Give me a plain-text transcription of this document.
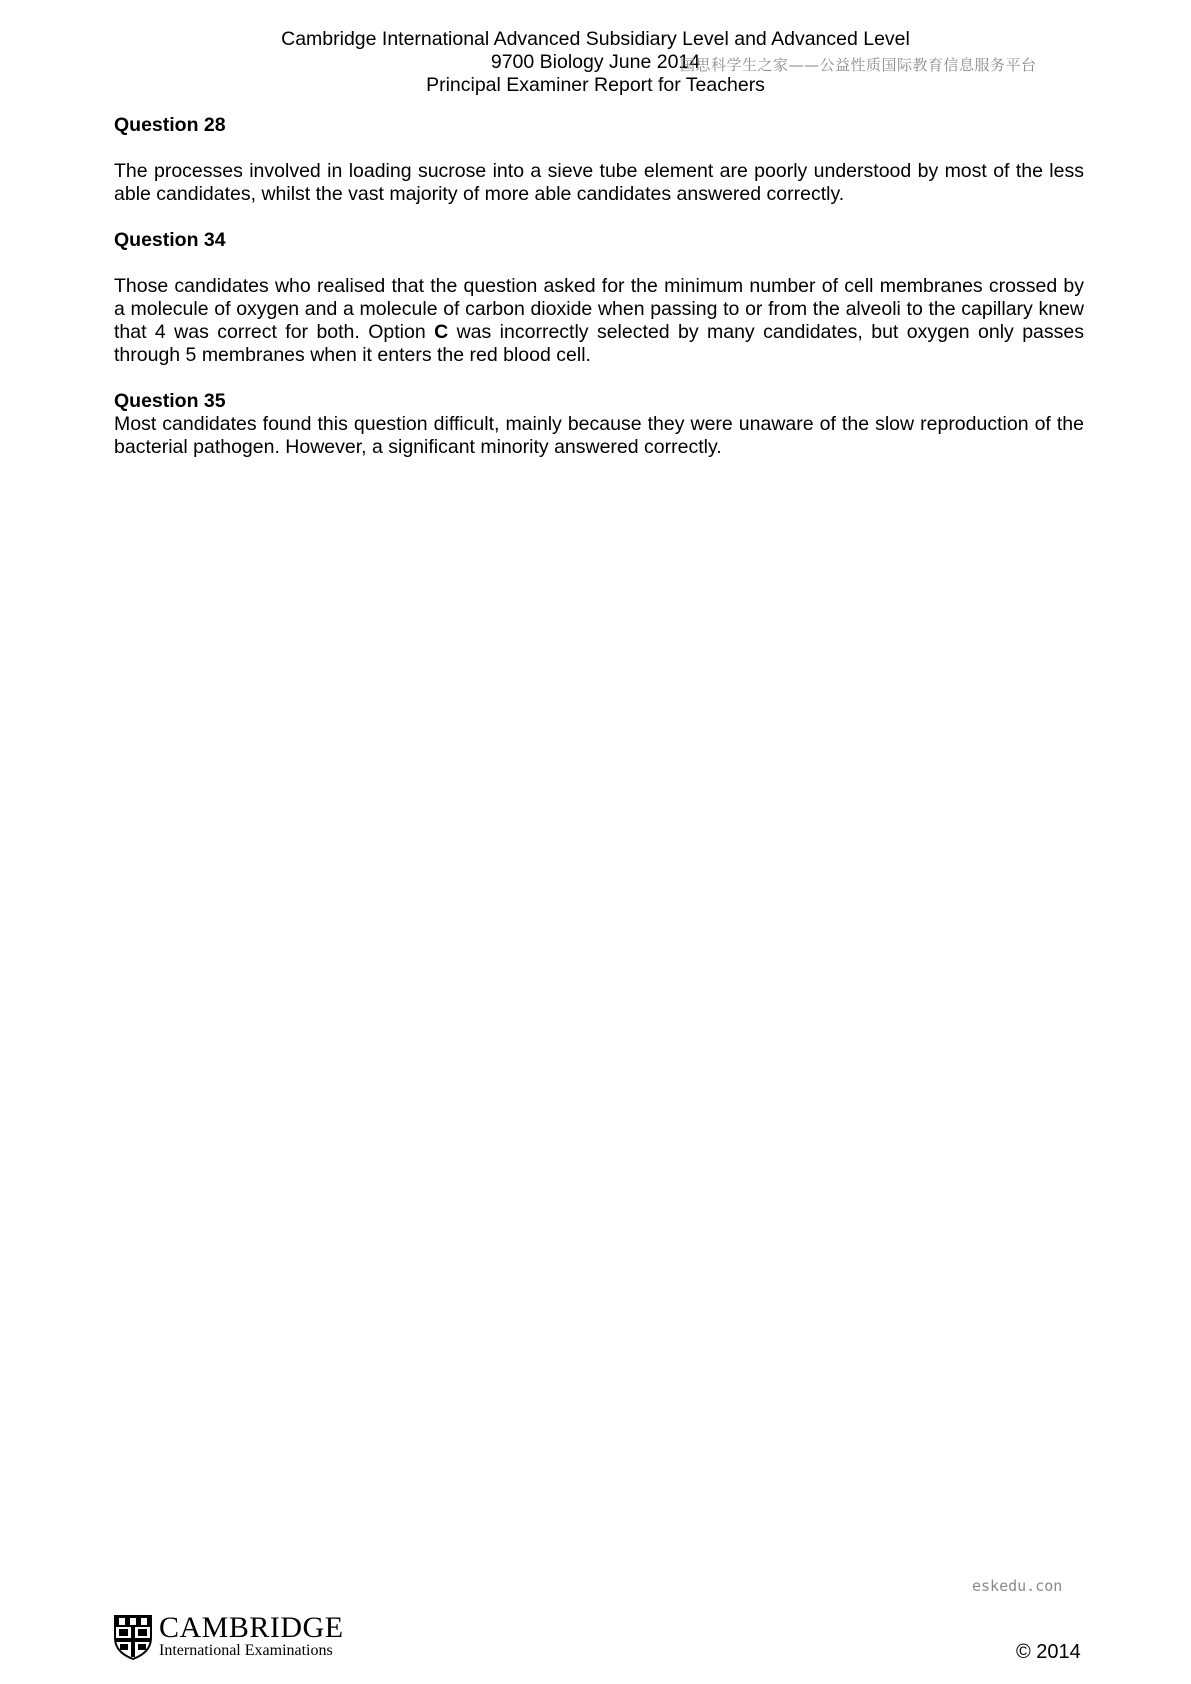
Cambridge International Advanced Subsidiary Level and Advanced Level
9700 Biology June 2014
Principal Examiner Report for Teachers
国思科学生之家——公益性质国际教育信息服务平台

Question 28

The processes involved in loading sucrose into a sieve tube element are poorly understood by most of the less able candidates, whilst the vast majority of more able candidates answered correctly.

Question 34

Those candidates who realised that the question asked for the minimum number of cell membranes crossed by a molecule of oxygen and a molecule of carbon dioxide when passing to or from the alveoli to the capillary knew that 4 was correct for both. Option C was incorrectly selected by many candidates, but oxygen only passes through 5 membranes when it enters the red blood cell.

Question 35

Most candidates found this question difficult, mainly because they were unaware of the slow reproduction of the bacterial pathogen. However, a significant minority answered correctly.

eskedu.con
CAMBRIDGE
International Examinations	© 2014
